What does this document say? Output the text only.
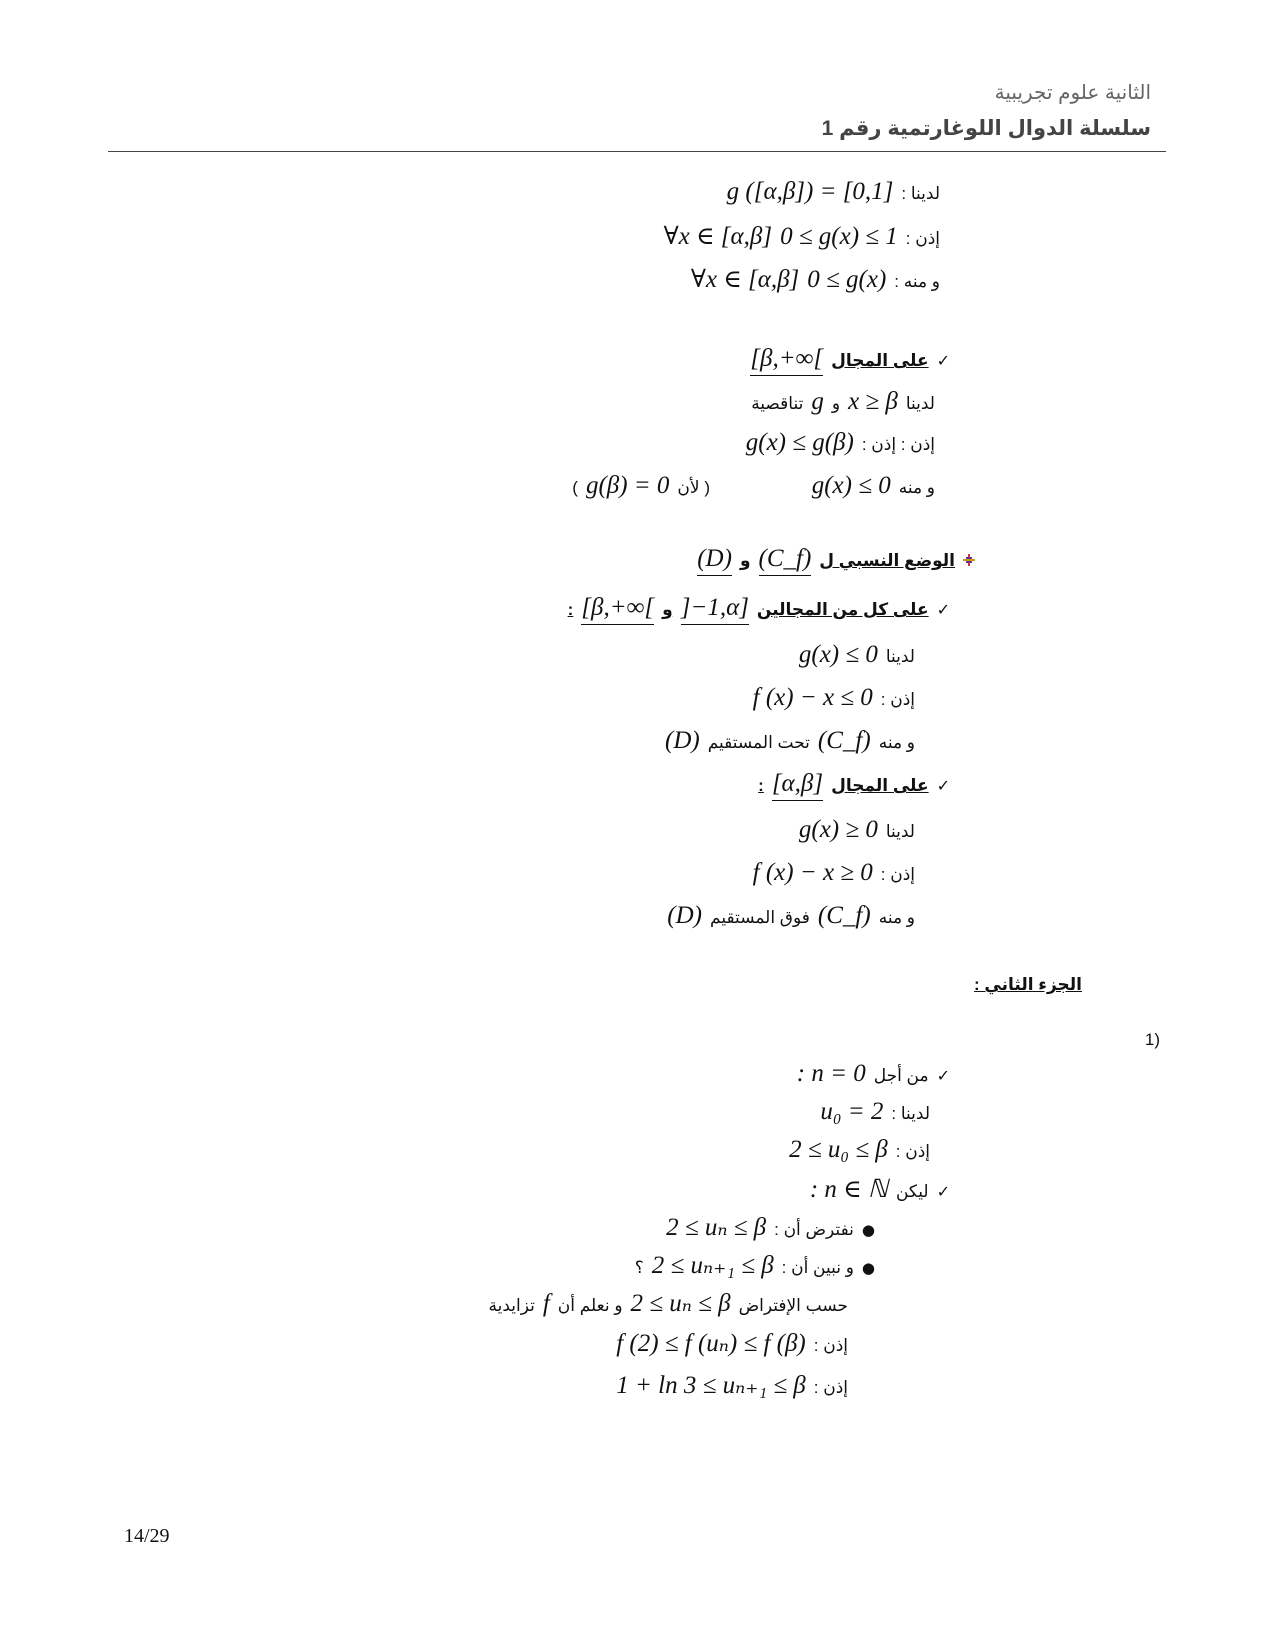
الثانية علوم تجريبية
سلسلة الدوال اللوغارتمية رقم 1
لدينا :
g ([α,β]) = [0,1]
إذن :
0 ≤ g(x) ≤ 1
∀x ∈ [α,β]
و منه :
0 ≤ g(x)
∀x ∈ [α,β]
✓
على المجال
[β,+∞[
لدينا
x ≥ β
و
g
تناقصية
إذن : إذن :
g(x) ≤ g(β)
و منه
g(x) ≤ 0
( لأن
g(β) = 0
)
الوضع النسبي ل
(C_f)
و
(D)
✓
على كل من المجالين
]−1,α]
و
[β,+∞[
:
لدينا
g(x) ≤ 0
إذن :
f (x) − x ≤ 0
و منه
(C_f)
تحت المستقيم
(D)
✓
على المجال
[α,β]
:
لدينا
g(x) ≥ 0
إذن :
f (x) − x ≥ 0
و منه
(C_f)
فوق المستقيم
(D)
الجزء الثاني :
(1
✓
من أجل
: n = 0
لدينا :
u₀ = 2
إذن :
2 ≤ u₀ ≤ β
✓
ليكن
: n ∈ ℕ
●
نفترض أن :
2 ≤ uₙ ≤ β
●
و نبين أن :
2 ≤ uₙ₊₁ ≤ β
؟
حسب الإفتراض
2 ≤ uₙ ≤ β
و نعلم أن
f
تزايدية
إذن :
f (2) ≤ f (uₙ) ≤ f (β)
إذن :
1 + ln 3 ≤ uₙ₊₁ ≤ β
14/29
